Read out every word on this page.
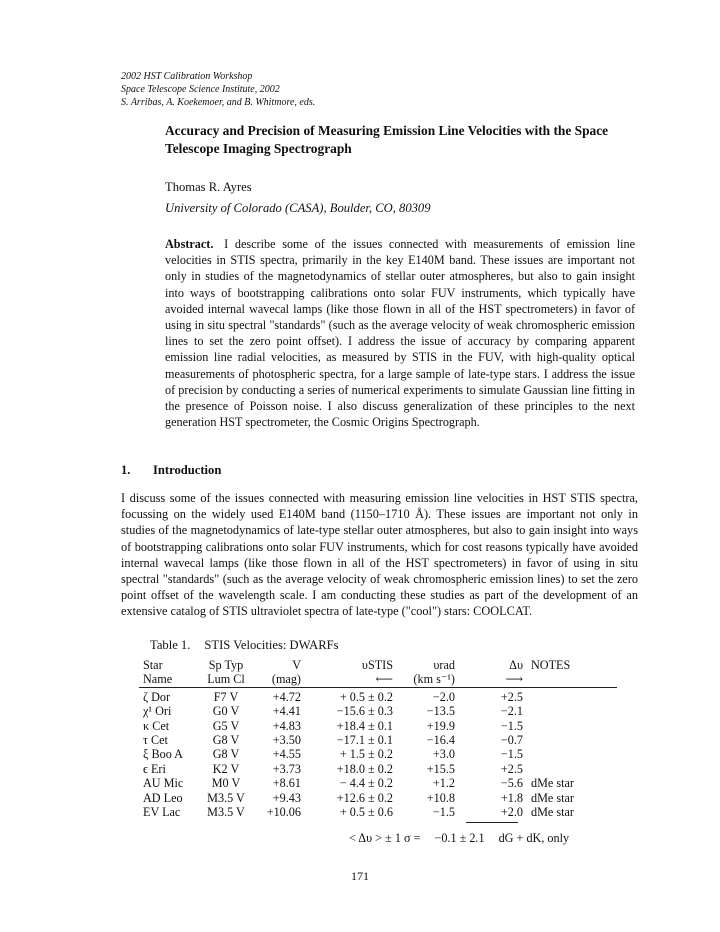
2002 HST Calibration Workshop
Space Telescope Science Institute, 2002
S. Arribas, A. Koekemoer, and B. Whitmore, eds.
Accuracy and Precision of Measuring Emission Line Velocities with the Space Telescope Imaging Spectrograph
Thomas R. Ayres
University of Colorado (CASA), Boulder, CO, 80309
Abstract. I describe some of the issues connected with measurements of emission line velocities in STIS spectra, primarily in the key E140M band. These issues are important not only in studies of the magnetodynamics of stellar outer atmospheres, but also to gain insight into ways of bootstrapping calibrations onto solar FUV instruments, which typically have avoided internal wavecal lamps (like those flown in all of the HST spectrometers) in favor of using in situ spectral "standards" (such as the average velocity of weak chromospheric emission lines to set the zero point offset). I address the issue of accuracy by comparing apparent emission line radial velocities, as measured by STIS in the FUV, with high-quality optical measurements of photospheric spectra, for a large sample of late-type stars. I address the issue of precision by conducting a series of numerical experiments to simulate Gaussian line fitting in the presence of Poisson noise. I also discuss generalization of these principles to the next generation HST spectrometer, the Cosmic Origins Spectrograph.
1. Introduction
I discuss some of the issues connected with measuring emission line velocities in HST STIS spectra, focussing on the widely used E140M band (1150–1710 Å). These issues are important not only in studies of the magnetodynamics of late-type stellar outer atmospheres, but also to gain insight into ways of bootstrapping calibrations onto solar FUV instruments, which for cost reasons typically have avoided internal wavecal lamps (like those flown in all of the HST spectrometers) in favor of using in situ spectral "standards" (such as the average velocity of weak chromospheric emission lines) to set the zero point offset of the wavelength scale. I am conducting these studies as part of the development of an extensive catalog of STIS ultraviolet spectra of late-type ("cool") stars: COOLCAT.
Table 1. STIS Velocities: DWARFs
Star	Sp Typ	V	υSTIS	υrad	Δυ	NOTES
Name	Lum Cl	(mag)	⟵	(km s⁻¹)	⟶	
ζ Dor	F7 V	+4.72	+ 0.5 ± 0.2	−2.0	+2.5	
χ¹ Ori	G0 V	+4.41	−15.6 ± 0.3	−13.5	−2.1	
κ Cet	G5 V	+4.83	+18.4 ± 0.1	+19.9	−1.5	
τ Cet	G8 V	+3.50	−17.1 ± 0.1	−16.4	−0.7	
ξ Boo A	G8 V	+4.55	+ 1.5 ± 0.2	+3.0	−1.5	
ϵ Eri	K2 V	+3.73	+18.0 ± 0.2	+15.5	+2.5	
AU Mic	M0 V	+8.61	− 4.4 ± 0.2	+1.2	−5.6	dMe star
AD Leo	M3.5 V	+9.43	+12.6 ± 0.2	+10.8	+1.8	dMe star
EV Lac	M3.5 V	+10.06	+ 0.5 ± 0.6	−1.5	+2.0	dMe star
< Δυ > ± 1 σ = −0.1 ± 2.1 dG + dK, only
171
